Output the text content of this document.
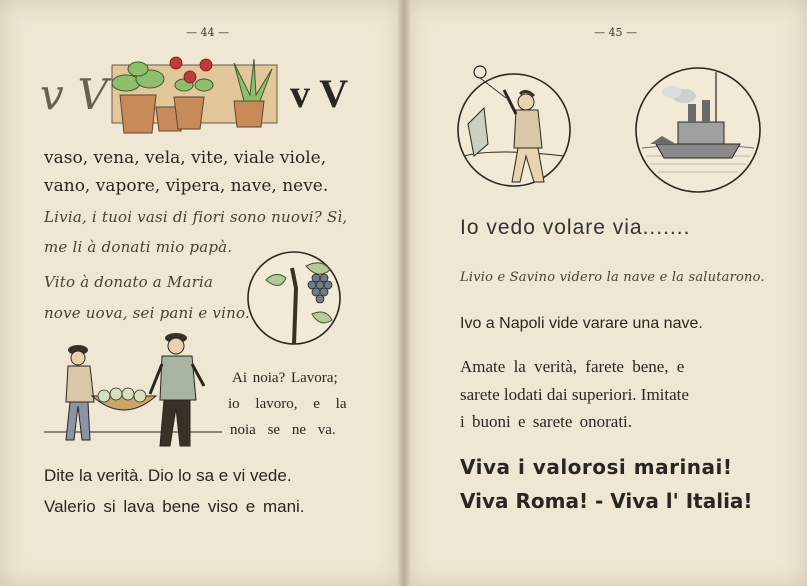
— 44 —
v V	v V
vaso, vena, vela, vite, viale viole,
vano, vapore, vipera, nave, neve.
Livia, i tuoi vasi di fiori sono nuovi? Sì,
me li à donati mio papà.
Vito à donato a Maria
nove uova, sei pani e vino.
Ai noia? Lavora;
io lavoro, e la
noia se ne va.
Dite la verità. Dio lo sa e vi vede.
Valerio si lava bene viso e mani.
— 45 —
Io vedo volare via.......
Livio e Savino videro la nave e la salutarono.
Ivo a Napoli vide varare una nave.
Amate la verità, farete bene, e
sarete lodati dai superiori. Imitate
i buoni e sarete onorati.
Viva i valorosi marinai!
Viva Roma! - Viva l' Italia!
